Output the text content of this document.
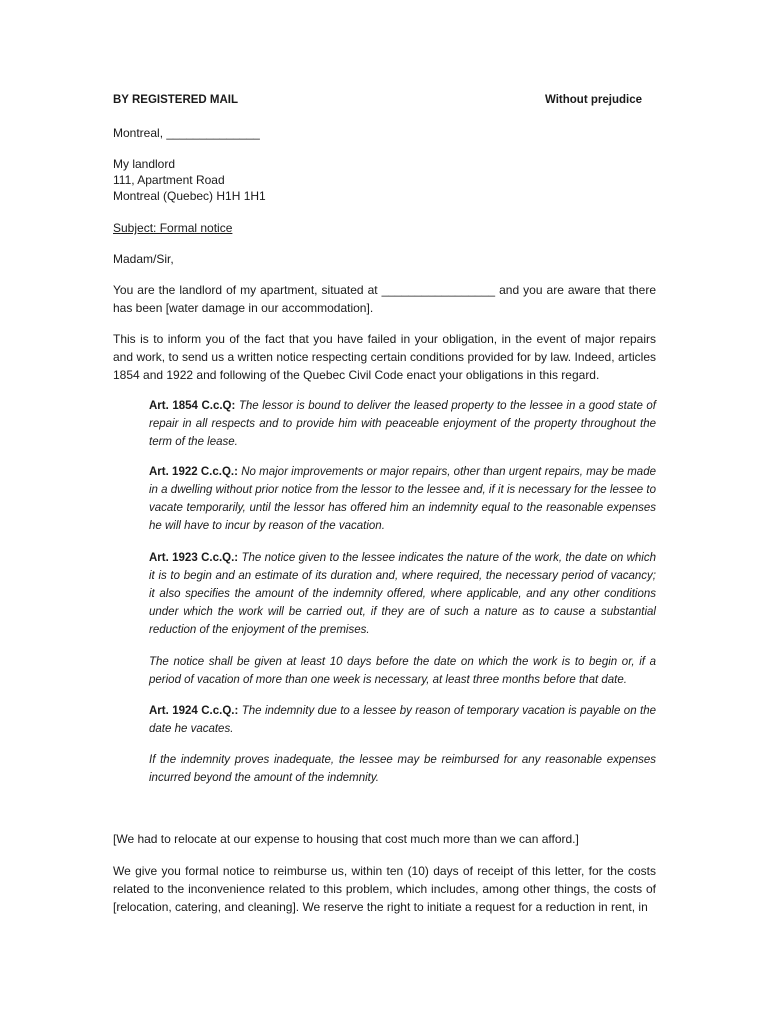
BY REGISTERED MAIL	Without prejudice

Montreal, ______________

My landlord

111, Apartment Road

Montreal (Quebec) H1H 1H1

Subject: Formal notice

Madam/Sir,

You are the landlord of my apartment, situated at _________________ and you are aware that there has been [water damage in our accommodation].

This is to inform you of the fact that you have failed in your obligation, in the event of major repairs and work, to send us a written notice respecting certain conditions provided for by law. Indeed, articles 1854 and 1922 and following of the Quebec Civil Code enact your obligations in this regard.

Art. 1854 C.c.Q: The lessor is bound to deliver the leased property to the lessee in a good state of repair in all respects and to provide him with peaceable enjoyment of the property throughout the term of the lease.

Art. 1922 C.c.Q.: No major improvements or major repairs, other than urgent repairs, may be made in a dwelling without prior notice from the lessor to the lessee and, if it is necessary for the lessee to vacate temporarily, until the lessor has offered him an indemnity equal to the reasonable expenses he will have to incur by reason of the vacation.

Art. 1923 C.c.Q.: The notice given to the lessee indicates the nature of the work, the date on which it is to begin and an estimate of its duration and, where required, the necessary period of vacancy; it also specifies the amount of the indemnity offered, where applicable, and any other conditions under which the work will be carried out, if they are of such a nature as to cause a substantial reduction of the enjoyment of the premises.

The notice shall be given at least 10 days before the date on which the work is to begin or, if a period of vacation of more than one week is necessary, at least three months before that date.

Art. 1924 C.c.Q.: The indemnity due to a lessee by reason of temporary vacation is payable on the date he vacates.

If the indemnity proves inadequate, the lessee may be reimbursed for any reasonable expenses incurred beyond the amount of the indemnity.

[We had to relocate at our expense to housing that cost much more than we can afford.]

We give you formal notice to reimburse us, within ten (10) days of receipt of this letter, for the costs related to the inconvenience related to this problem, which includes, among other things, the costs of [relocation, catering, and cleaning]. We reserve the right to initiate a request for a reduction in rent, in
